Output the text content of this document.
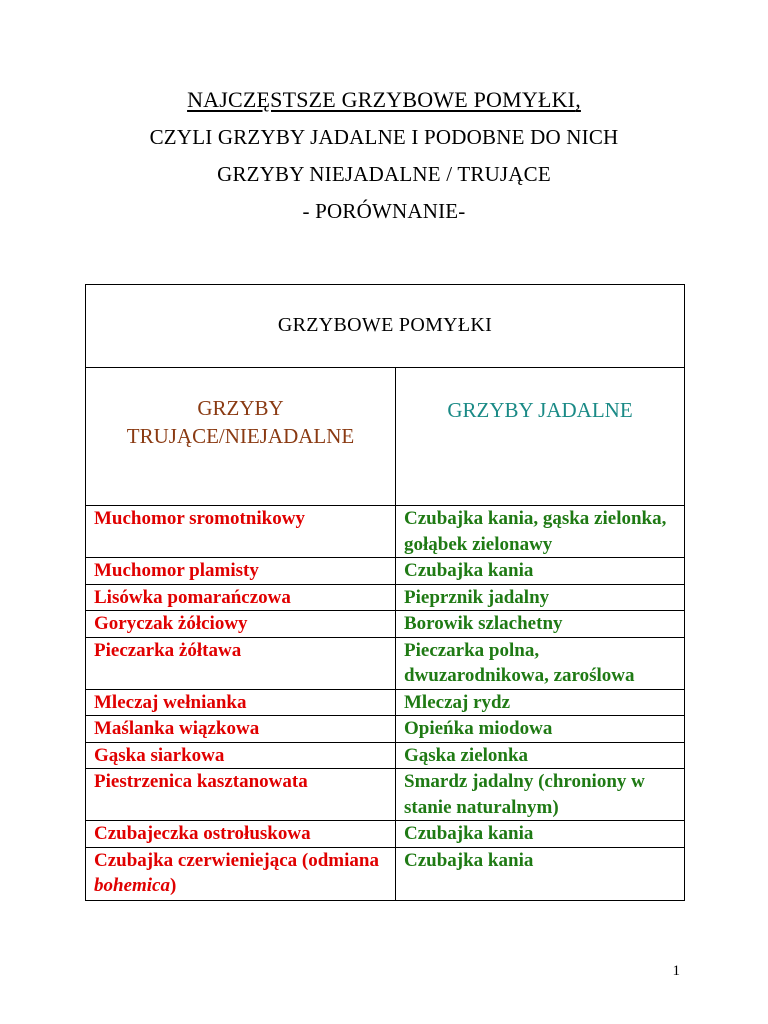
NAJCZĘSTSZE GRZYBOWE POMYŁKI,
CZYLI GRZYBY JADALNE I PODOBNE DO NICH
GRZYBY NIEJADALNE / TRUJĄCE
- PORÓWNANIE-
GRZYBOWE POMYŁKI	
GRZYBY TRUJĄCE/NIEJADALNE	GRZYBY JADALNE
Muchomor sromotnikowy	Czubajka kania, gąska zielonka, gołąbek zielonawy
Muchomor plamisty	Czubajka kania
Lisówka pomarańczowa	Pieprznik jadalny
Goryczak żółciowy	Borowik szlachetny
Pieczarka żółtawa	Pieczarka polna, dwuzarodnikowa, zaroślowa
Mleczaj wełnianka	Mleczaj rydz
Maślanka wiązkowa	Opieńka miodowa
Gąska siarkowa	Gąska zielonka
Piestrzenica kasztanowata	Smardz jadalny (chroniony w stanie naturalnym)
Czubajeczka ostrołuskowa	Czubajka kania
Czubajka czerwieniejąca (odmiana bohemica)	Czubajka kania
1
